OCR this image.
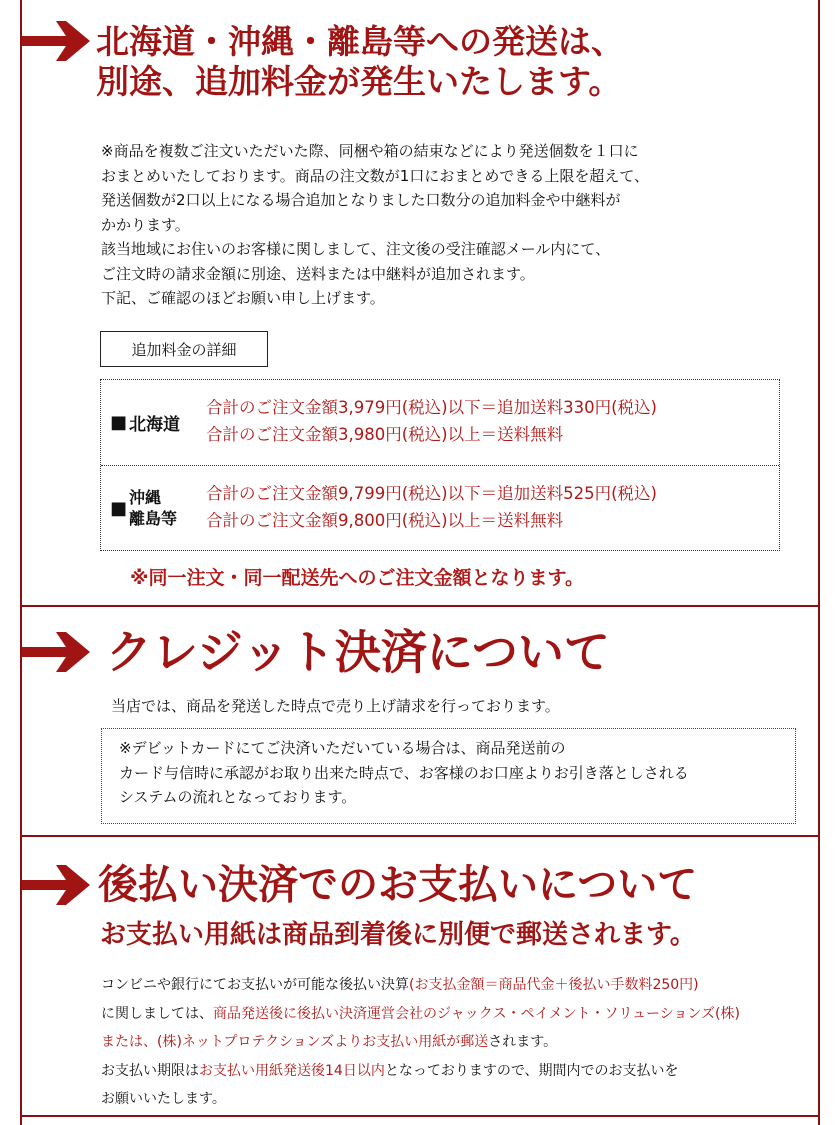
北海道・沖縄・離島等への発送は、
別途、追加料金が発生いたします。

※商品を複数ご注文いただいた際、同梱や箱の結束などにより発送個数を１口に

おまとめいたしております。商品の注文数が1口におまとめできる上限を超えて、

発送個数が2口以上になる場合追加となりました口数分の追加料金や中継料が

かかります。

該当地域にお住いのお客様に関しまして、注文後の受注確認メール内にて、

ご注文時の請求金額に別途、送料または中継料が追加されます。

下記、ご確認のほどお願い申し上げます。

追加料金の詳細
■ 北海道
合計のご注文金額3,979円(税込)以下＝追加送料330円(税込)
合計のご注文金額3,980円(税込)以上＝送料無料
■ 沖縄
離島等
合計のご注文金額9,799円(税込)以下＝追加送料525円(税込)
合計のご注文金額9,800円(税込)以上＝送料無料
※同一注文・同一配送先へのご注文金額となります。
クレジット決済について

当店では、商品を発送した時点で売り上げ請求を行っております。

※デビットカードにてご決済いただいている場合は、商品発送前の

カード与信時に承認がお取り出来た時点で、お客様のお口座よりお引き落としされる

システムの流れとなっております。

後払い決済でのお支払いについて
お支払い用紙は商品到着後に別便で郵送されます。

コンビニや銀行にてお支払いが可能な後払い決算(お支払金額＝商品代金＋後払い手数料250円)

に関しましては、商品発送後に後払い決済運営会社のジャックス・ペイメント・ソリューションズ(株)

または、(株)ネットプロテクションズよりお支払い用紙が郵送されます。

お支払い期限はお支払い用紙発送後14日以内となっておりますので、期間内でのお支払いを

お願いいたします。
